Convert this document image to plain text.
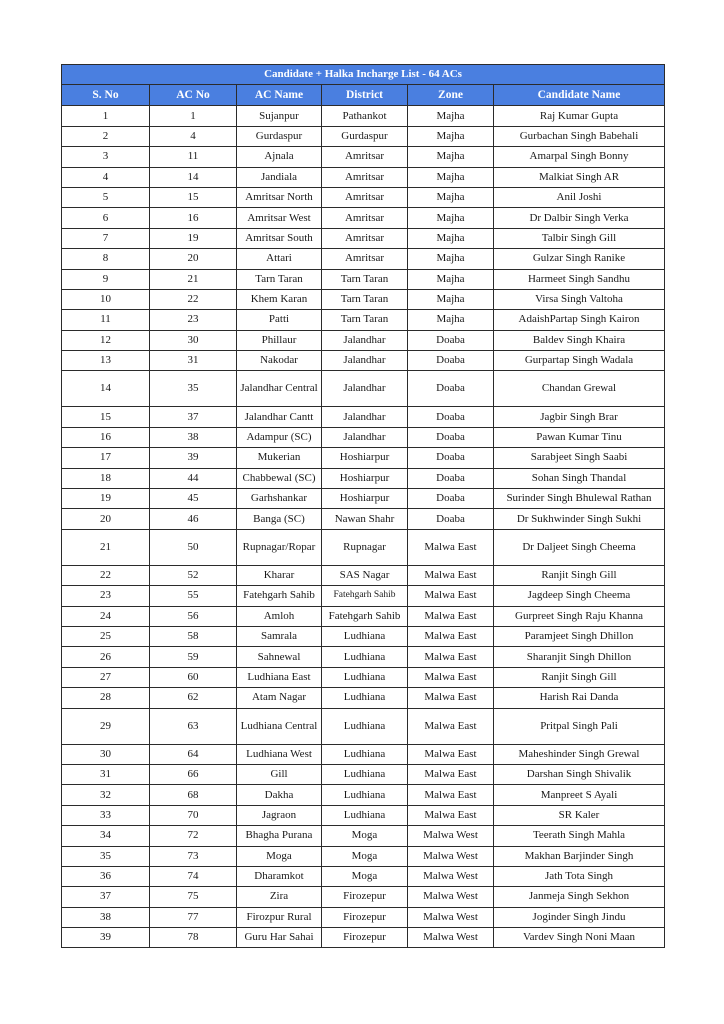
Candidate + Halka Incharge List - 64 ACs					
S. No	AC No	AC Name	District	Zone	Candidate Name
1	1	Sujanpur	Pathankot	Majha	Raj Kumar Gupta
2	4	Gurdaspur	Gurdaspur	Majha	Gurbachan Singh Babehali
3	11	Ajnala	Amritsar	Majha	Amarpal Singh Bonny
4	14	Jandiala	Amritsar	Majha	Malkiat Singh AR
5	15	Amritsar North	Amritsar	Majha	Anil Joshi
6	16	Amritsar West	Amritsar	Majha	Dr Dalbir Singh Verka
7	19	Amritsar South	Amritsar	Majha	Talbir Singh Gill
8	20	Attari	Amritsar	Majha	Gulzar Singh Ranike
9	21	Tarn Taran	Tarn Taran	Majha	Harmeet Singh Sandhu
10	22	Khem Karan	Tarn Taran	Majha	Virsa Singh Valtoha
11	23	Patti	Tarn Taran	Majha	AdaishPartap Singh Kairon
12	30	Phillaur	Jalandhar	Doaba	Baldev Singh Khaira
13	31	Nakodar	Jalandhar	Doaba	Gurpartap Singh Wadala
14	35	Jalandhar Central	Jalandhar	Doaba	Chandan Grewal
15	37	Jalandhar Cantt	Jalandhar	Doaba	Jagbir Singh Brar
16	38	Adampur (SC)	Jalandhar	Doaba	Pawan Kumar Tinu
17	39	Mukerian	Hoshiarpur	Doaba	Sarabjeet Singh Saabi
18	44	Chabbewal (SC)	Hoshiarpur	Doaba	Sohan Singh Thandal
19	45	Garhshankar	Hoshiarpur	Doaba	Surinder Singh Bhulewal Rathan
20	46	Banga (SC)	Nawan Shahr	Doaba	Dr Sukhwinder Singh Sukhi
21	50	Rupnagar/Ropar	Rupnagar	Malwa East	Dr Daljeet Singh Cheema
22	52	Kharar	SAS Nagar	Malwa East	Ranjit Singh Gill
23	55	Fatehgarh Sahib	Fatehgarh Sahib	Malwa East	Jagdeep Singh Cheema
24	56	Amloh	Fatehgarh Sahib	Malwa East	Gurpreet Singh Raju Khanna
25	58	Samrala	Ludhiana	Malwa East	Paramjeet Singh Dhillon
26	59	Sahnewal	Ludhiana	Malwa East	Sharanjit Singh Dhillon
27	60	Ludhiana East	Ludhiana	Malwa East	Ranjit Singh Gill
28	62	Atam Nagar	Ludhiana	Malwa East	Harish Rai Danda
29	63	Ludhiana Central	Ludhiana	Malwa East	Pritpal Singh Pali
30	64	Ludhiana West	Ludhiana	Malwa East	Maheshinder Singh Grewal
31	66	Gill	Ludhiana	Malwa East	Darshan Singh Shivalik
32	68	Dakha	Ludhiana	Malwa East	Manpreet S Ayali
33	70	Jagraon	Ludhiana	Malwa East	SR Kaler
34	72	Bhagha Purana	Moga	Malwa West	Teerath Singh Mahla
35	73	Moga	Moga	Malwa West	Makhan Barjinder Singh
36	74	Dharamkot	Moga	Malwa West	Jath Tota Singh
37	75	Zira	Firozepur	Malwa West	Janmeja Singh Sekhon
38	77	Firozpur Rural	Firozepur	Malwa West	Joginder Singh Jindu
39	78	Guru Har Sahai	Firozepur	Malwa West	Vardev Singh Noni Maan
